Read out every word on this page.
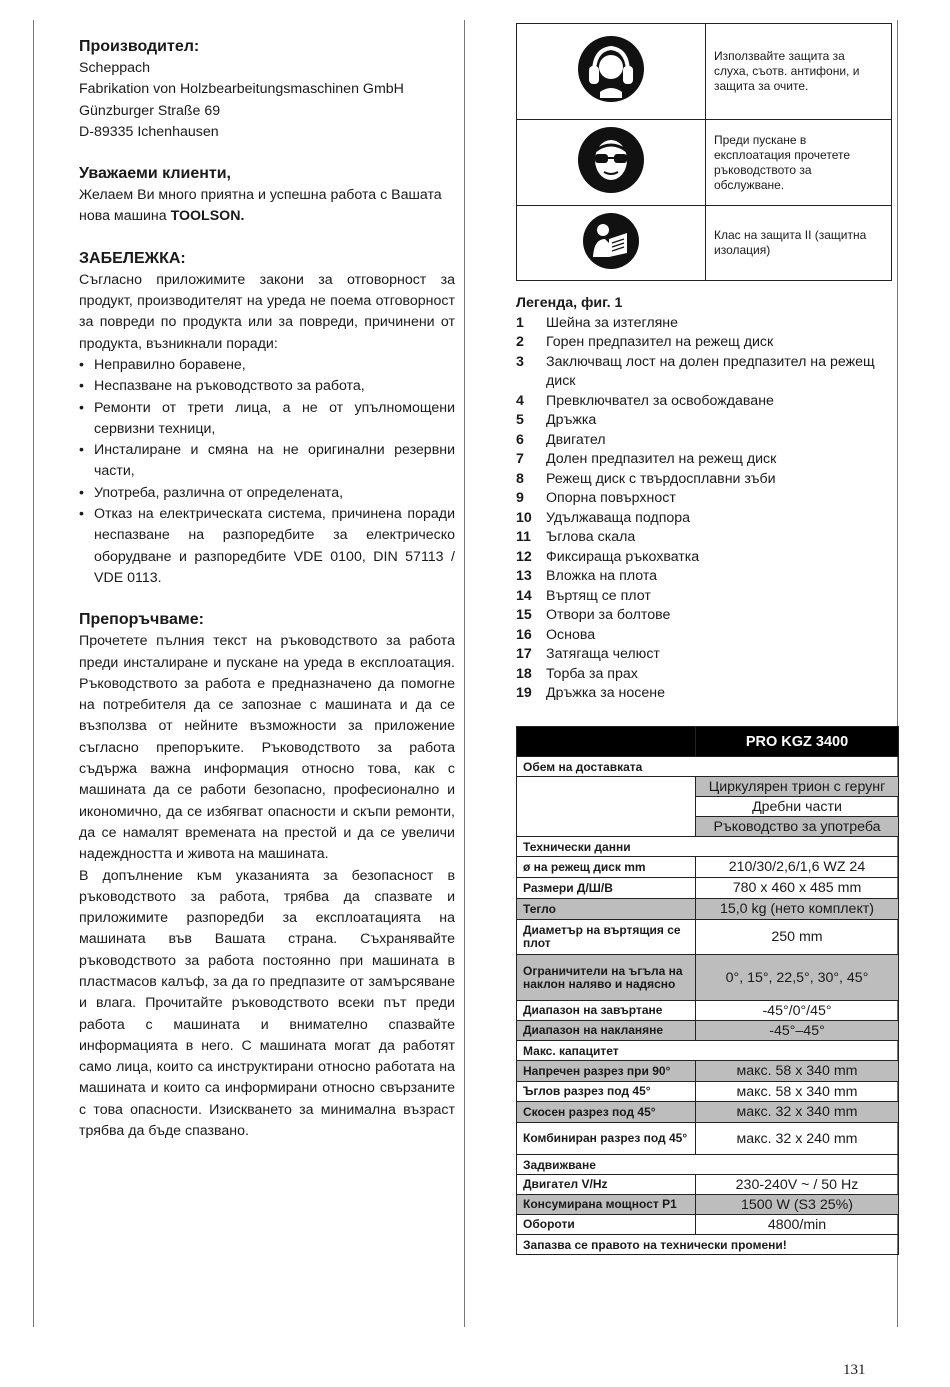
Производител:

Scheppach

Fabrikation von Holzbearbeitungsmaschinen GmbH

Günzburger Straße 69

D-89335 Ichenhausen

Уважаеми клиенти,

Желаем Ви много приятна и успешна работа с Вашата нова машина TOOLSON.

ЗАБЕЛЕЖКА:

Съгласно приложимите закони за отговорност за продукт, производителят на уреда не поема отговорност за повреди по продукта или за повреди, причинени от продукта, възникнали поради:

• Неправилно боравене,
• Неспазване на ръководството за работа,
• Ремонти от трети лица, а не от упълномощени сервизни техници,
• Инсталиране и смяна на не оригинални резервни части,
• Употреба, различна от определената,
• Отказ на електрическата система, причинена поради неспазване на разпоредбите за електрическо оборудване и разпоредбите VDE 0100, DIN 57113 / VDE 0113.
Препоръчваме:

Прочетете пълния текст на ръководството за работа преди инсталиране и пускане на уреда в експлоатация. Ръководството за работа е предназначено да помогне на потребителя да се запознае с машината и да се възползва от нейните възможности за приложение съгласно препоръките. Ръководството за работа съдържа важна информация относно това, как с машината да се работи безопасно, професионално и икономично, да се избягват опасности и скъпи ремонти, да се намалят времената на престой и да се увеличи надеждността и живота на машината.

В допълнение към указанията за безопасност в ръководството за работа, трябва да спазвате и приложимите разпоредби за експлоатацията на машината във Вашата страна. Съхранявайте ръководството за работа постоянно при машината в пластмасов калъф, за да го предпазите от замърсяване и влага. Прочитайте ръководството всеки път преди работа с машината и внимателно спазвайте информацията в него. С машината могат да работят само лица, които са инструктирани относно работата на машината и които са информирани относно свързаните с това опасности. Изискването за минимална възраст трябва да бъде спазвано.

	Използвайте защита за слуха, съотв. антифони, и защита за очите.
	Преди пускане в експлоатация прочетете ръководството за обслужване.
	Клас на защита II (защитна изолация)
Легенда, фиг. 1
1	Шейна за изтегляне
2	Горен предпазител на режещ диск
3	Заключващ лост на долен предпазител на режещ диск
4	Превключвател за освобождаване
5	Дръжка
6	Двигател
7	Долен предпазител на режещ диск
8	Режещ диск с твърдосплавни зъби
9	Опорна повърхност
10	Удължаваща подпора
11	Ъглова скала
12	Фиксираща ръкохватка
13	Вложка на плота
14	Въртящ се плот
15	Отвори за болтове
16	Основа
17	Затягаща челюст
18	Торба за прах
19	Дръжка за носене
	PRO KGZ 3400
Обем на доставката	
	Циркулярен трион с герунг
	Дребни части
	Ръководство за употреба
Технически данни	
ø на режещ диск mm	210/30/2,6/1,6 WZ 24
Размери Д/Ш/В	780 x 460 x 485 mm
Тегло	15,0 kg (нето комплект)
Диаметър на въртящия се плот	250 mm
Ограничители на ъгъла на наклон наляво и надясно	0°, 15°, 22,5°, 30°, 45°
Диапазон на завъртане	-45°/0°/45°
Диапазон на накланяне	-45°–45°
Макс. капацитет	
Напречен разрез при 90°	макс. 58 x 340 mm
Ъглов разрез под 45°	макс. 58 x 340 mm
Скосен разрез под 45°	макс. 32 x 340 mm
Комбиниран разрез под 45°	макс. 32 x 240 mm
Задвижване	
Двигател V/Hz	230-240V ~ / 50 Hz
Консумирана мощност P1	1500 W (S3 25%)
Обороти	4800/min
Запазва се правото на технически промени!	
131
